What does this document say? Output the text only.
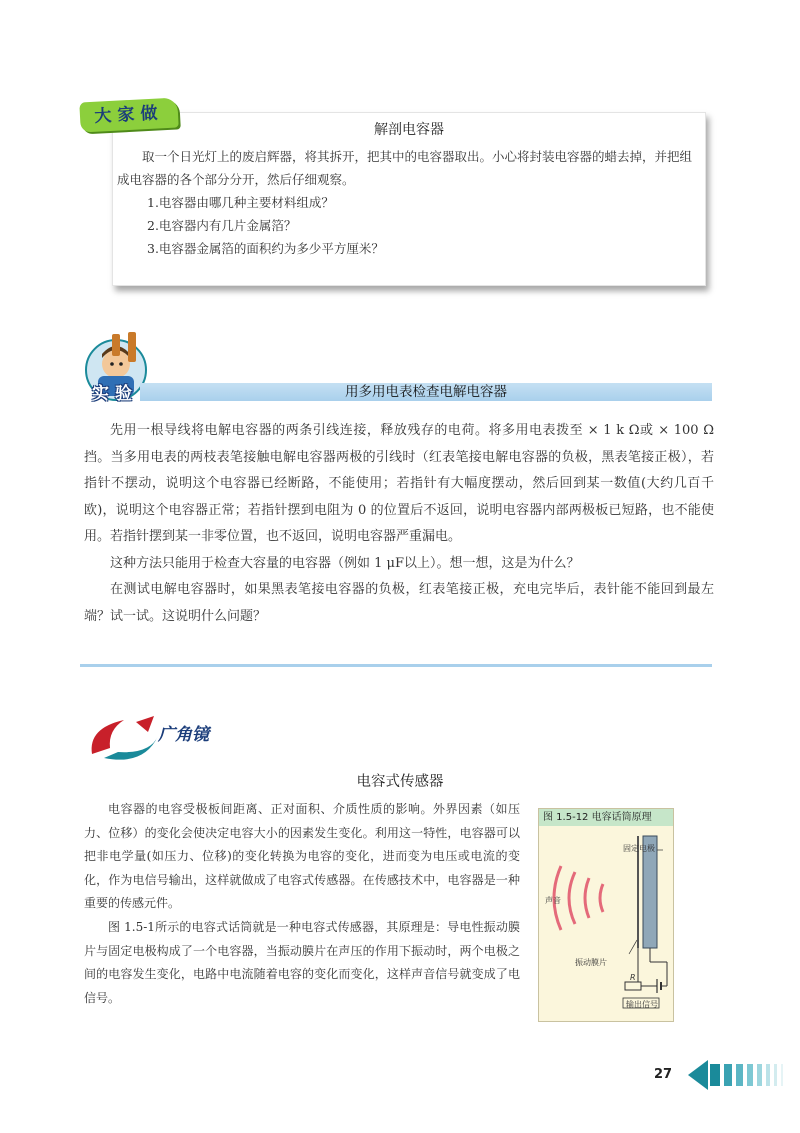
解剖电容器

取一个日光灯上的废启辉器，将其拆开，把其中的电容器取出。小心将封装电容器的蜡去掉，并把组成电容器的各个部分分开，然后仔细观察。

1.电容器由哪几种主要材料组成？

2.电容器内有几片金属箔？

3.电容器金属箔的面积约为多少平方厘米？

大家做
实验	用多用电表检查电解电容器

先用一根导线将电解电容器的两条引线连接，释放残存的电荷。将多用电表拨至 × 1 k Ω或 × 100 Ω挡。当多用电表的两枝表笔接触电解电容器两极的引线时（红表笔接电解电容器的负极，黑表笔接正极），若指针不摆动，说明这个电容器已经断路，不能使用；若指针有大幅度摆动，然后回到某一数值(大约几百千欧)，说明这个电容器正常；若指针摆到电阻为 0 的位置后不返回，说明电容器内部两极板已短路，也不能使用。若指针摆到某一非零位置，也不返回，说明电容器严重漏电。

这种方法只能用于检查大容量的电容器（例如 1 μF以上）。想一想，这是为什么？

在测试电解电容器时，如果黑表笔接电容器的负极，红表笔接正极，充电完毕后，表针能不能回到最左端？试一试。这说明什么问题？

广角镜
电容式传感器

电容器的电容受极板间距离、正对面积、介质性质的影响。外界因素（如压力、位移）的变化会使决定电容大小的因素发生变化。利用这一特性，电容器可以把非电学量(如压力、位移)的变化转换为电容的变化，进而变为电压或电流的变化，作为电信号输出，这样就做成了电容式传感器。在传感技术中，电容器是一种重要的传感元件。

图 1.5-1所示的电容式话筒就是一种电容式传感器，其原理是：导电性振动膜片与固定电极构成了一个电容器，当振动膜片在声压的作用下振动时，两个电极之间的电容发生变化，电路中电流随着电容的变化而变化，这样声音信号就变成了电信号。

图 1.5-12 电容话筒原理
固定电极
声音
振动膜片
R
输出信号
27
